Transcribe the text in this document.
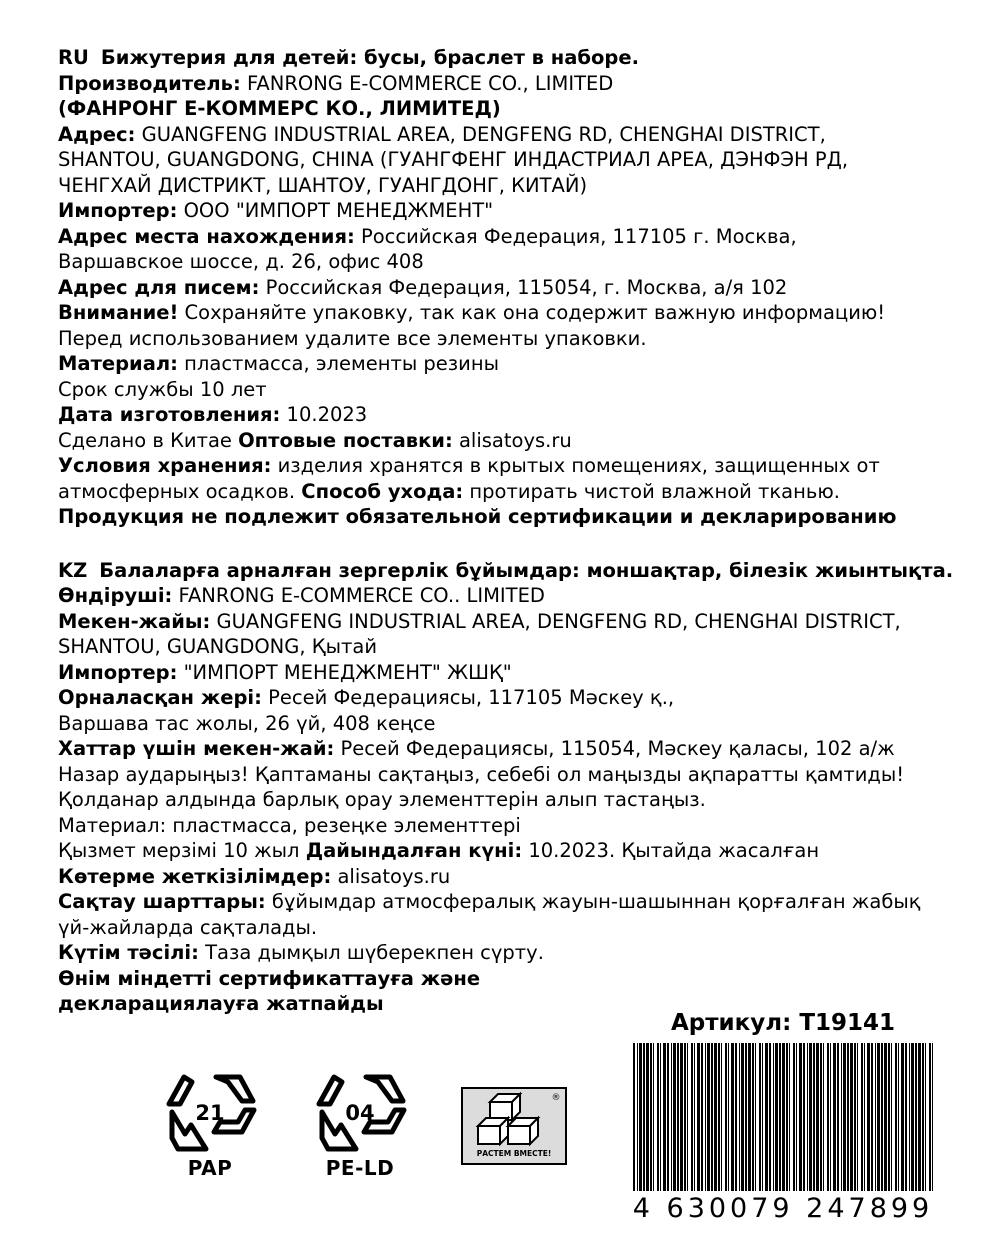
RU Бижутерия для детей: бусы, браслет в наборе.
Производитель: FANRONG E-COMMERCE CO., LIMITED
(ФАНРОНГ Е-КОММЕРС КО., ЛИМИТЕД)
Адрес: GUANGFENG INDUSTRIAL AREA, DENGFENG RD, CHENGHAI DISTRICT,
SHANTOU, GUANGDONG, CHINA (ГУАНГФЕНГ ИНДАСТРИАЛ АРЕА, ДЭНФЭН РД,
ЧЕНГХАЙ ДИСТРИКТ, ШАНТОУ, ГУАНГДОНГ, КИТАЙ)
Импортер: ООО "ИМПОРТ МЕНЕДЖМЕНТ"
Адрес места нахождения: Российская Федерация, 117105 г. Москва,
Варшавское шоссе, д. 26, офис 408
Адрес для писем: Российская Федерация, 115054, г. Москва, а/я 102
Внимание! Сохраняйте упаковку, так как она содержит важную информацию!
Перед использованием удалите все элементы упаковки.
Материал: пластмасса, элементы резины
Срок службы 10 лет
Дата изготовления: 10.2023
Сделано в Китае Оптовые поставки: alisatoys.ru
Условия хранения: изделия хранятся в крытых помещениях, защищенных от
атмосферных осадков. Способ ухода: протирать чистой влажной тканью.
Продукция не подлежит обязательной сертификации и декларированию
KZ Балаларға арналған зергерлік бұйымдар: моншақтар, білезік жиынтықта.
Өндіруші: FANRONG E-COMMERCE CO.. LIMITED
Мекен-жайы: GUANGFENG INDUSTRIAL AREA, DENGFENG RD, CHENGHAI DISTRICT,
SHANTOU, GUANGDONG, Қытай
Импортер: "ИМПОРТ МЕНЕДЖМЕНТ" ЖШҚ"
Орналасқан жері: Ресей Федерациясы, 117105 Мәскеу қ.,
Варшава тас жолы, 26 үй, 408 кеңсе
Хаттар үшін мекен-жай: Ресей Федерациясы, 115054, Мәскеу қаласы, 102 а/ж
Назар аударыңыз! Қаптаманы сақтаңыз, себебі ол маңызды ақпаратты қамтиды!
Қолданар алдында барлық орау элементтерін алып тастаңыз.
Материал: пластмасса, резеңке элементтері
Қызмет мерзімі 10 жыл Дайындалған күні: 10.2023. Қытайда жасалған
Көтерме жеткізілімдер: alisatoys.ru
Сақтау шарттары: бұйымдар атмосфералық жауын-шашыннан қорғалған жабық
үй-жайларда сақталады.
Күтім тәсілі: Таза дымқыл шүберекпен сүрту.
Өнім міндетті сертификаттауға және
декларациялауға жатпайды
21
PAP
04
PE-LD
РАСТЕМ ВМЕСТЕ!
®
Артикул: T19141
4 630079 247899
